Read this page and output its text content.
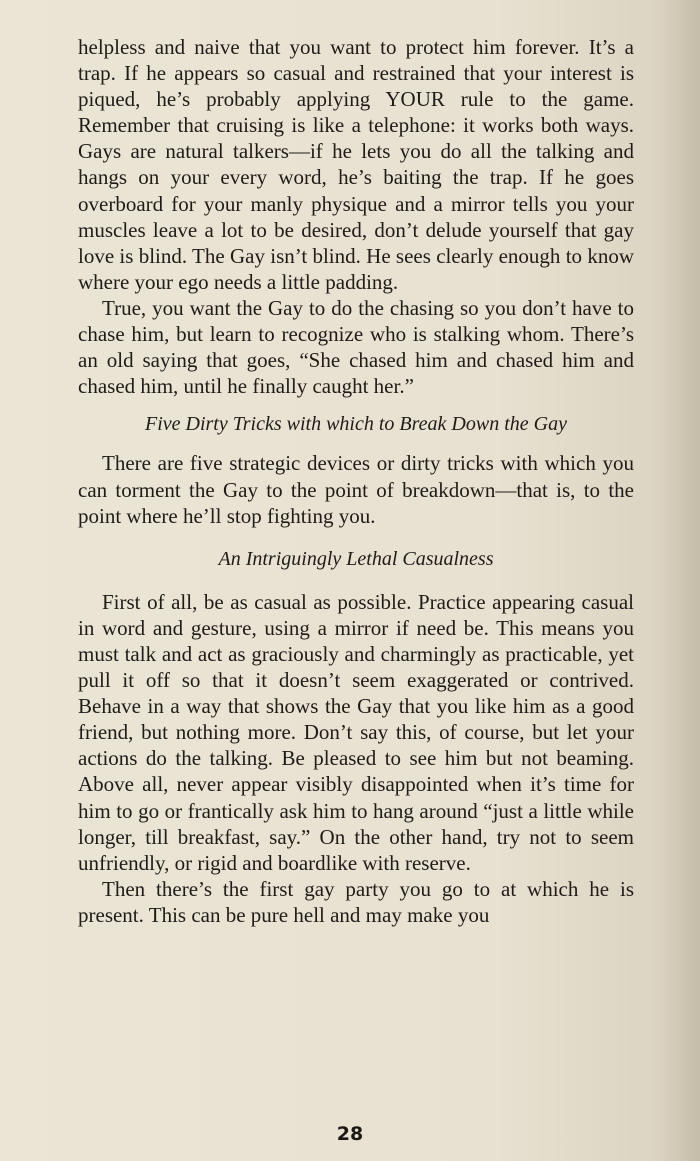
helpless and naive that you want to protect him forever. It’s a trap. If he appears so casual and restrained that your interest is piqued, he’s probably applying YOUR rule to the game. Remember that cruising is like a telephone: it works both ways. Gays are natural talkers—if he lets you do all the talking and hangs on your every word, he’s baiting the trap. If he goes overboard for your manly physique and a mirror tells you your muscles leave a lot to be desired, don’t delude yourself that gay love is blind. The Gay isn’t blind. He sees clearly enough to know where your ego needs a little padding.

True, you want the Gay to do the chasing so you don’t have to chase him, but learn to recognize who is stalking whom. There’s an old saying that goes, “She chased him and chased him and chased him, until he finally caught her.”

Five Dirty Tricks with which to Break Down the Gay

There are five strategic devices or dirty tricks with which you can torment the Gay to the point of breakdown—that is, to the point where he’ll stop fighting you.

An Intriguingly Lethal Casualness

First of all, be as casual as possible. Practice appearing casual in word and gesture, using a mirror if need be. This means you must talk and act as graciously and charmingly as practicable, yet pull it off so that it doesn’t seem exaggerated or contrived. Behave in a way that shows the Gay that you like him as a good friend, but nothing more. Don’t say this, of course, but let your actions do the talking. Be pleased to see him but not beaming. Above all, never appear visibly disappointed when it’s time for him to go or frantically ask him to hang around “just a little while longer, till breakfast, say.” On the other hand, try not to seem unfriendly, or rigid and boardlike with reserve.

Then there’s the first gay party you go to at which he is present. This can be pure hell and may make you

28
